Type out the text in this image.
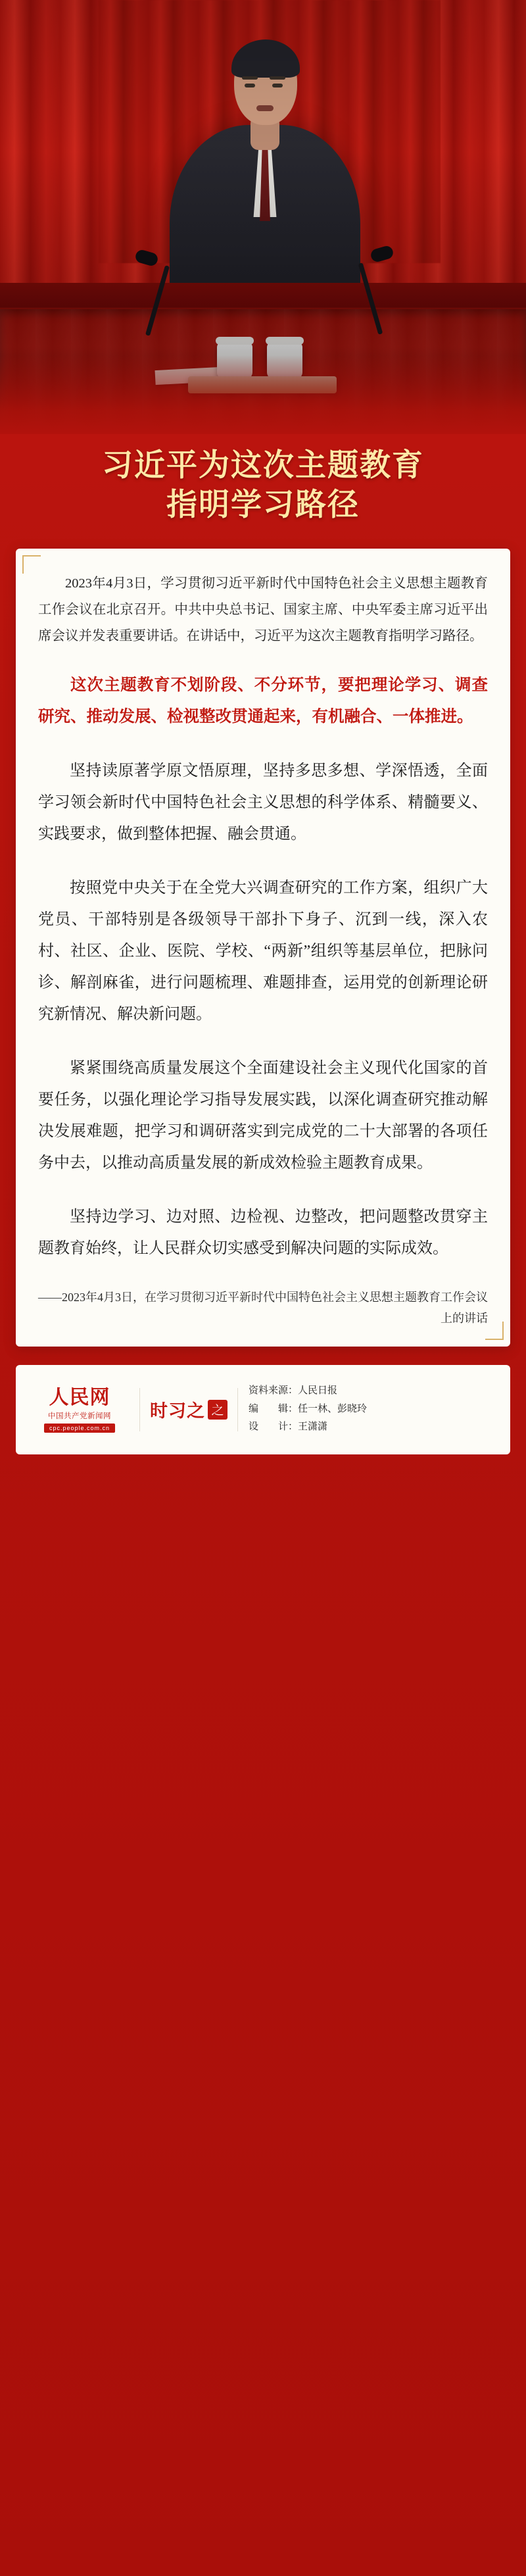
习近平为这次主题教育
指明学习路径

2023年4月3日，学习贯彻习近平新时代中国特色社会主义思想主题教育工作会议在北京召开。中共中央总书记、国家主席、中央军委主席习近平出席会议并发表重要讲话。在讲话中，习近平为这次主题教育指明学习路径。

这次主题教育不划阶段、不分环节，要把理论学习、调查研究、推动发展、检视整改贯通起来，有机融合、一体推进。

坚持读原著学原文悟原理，坚持多思多想、学深悟透，全面学习领会新时代中国特色社会主义思想的科学体系、精髓要义、实践要求，做到整体把握、融会贯通。

按照党中央关于在全党大兴调查研究的工作方案，组织广大党员、干部特别是各级领导干部扑下身子、沉到一线，深入农村、社区、企业、医院、学校、“两新”组织等基层单位，把脉问诊、解剖麻雀，进行问题梳理、难题排查，运用党的创新理论研究新情况、解决新问题。

紧紧围绕高质量发展这个全面建设社会主义现代化国家的首要任务，以强化理论学习指导发展实践，以深化调查研究推动解决发展难题，把学习和调研落实到完成党的二十大部署的各项任务中去，以推动高质量发展的新成效检验主题教育成果。

坚持边学习、边对照、边检视、边整改，把问题整改贯穿主题教育始终，让人民群众切实感受到解决问题的实际成效。

——2023年4月3日，在学习贯彻习近平新时代中国特色社会主义思想主题教育工作会议上的讲话

人民网
中国共产党新闻网
cpc.people.com.cn
时习之 之
资料来源：人民日报
编　　辑：任一林、彭晓玲
设　　计：王潇潇
